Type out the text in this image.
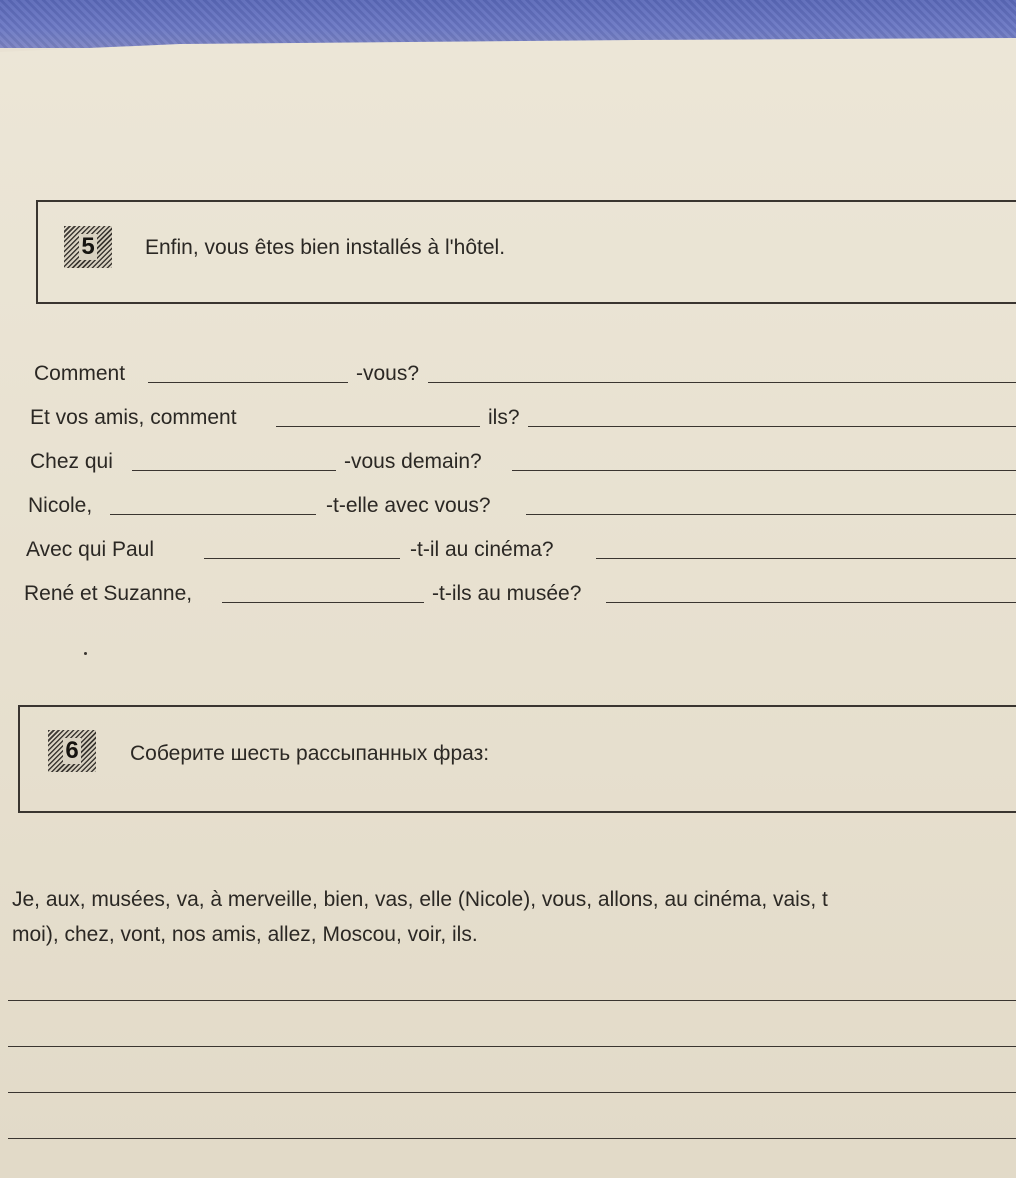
5 Enfin, vous êtes bien installés à l'hôtel.
Comment	-vous?
Et vos amis, comment	ils?
Chez qui	-vous demain?
Nicole,	-t-elle avec vous?
Avec qui Paul	-t-il au cinéma?
René et Suzanne,	-t-ils au musée?
6 Соберите шесть рассыпанных фраз:
Je, aux, musées, va, à merveille, bien, vas, elle (Nicole), vous, allons, au cinéma, vais, t
moi), chez, vont, nos amis, allez, Moscou, voir, ils.
